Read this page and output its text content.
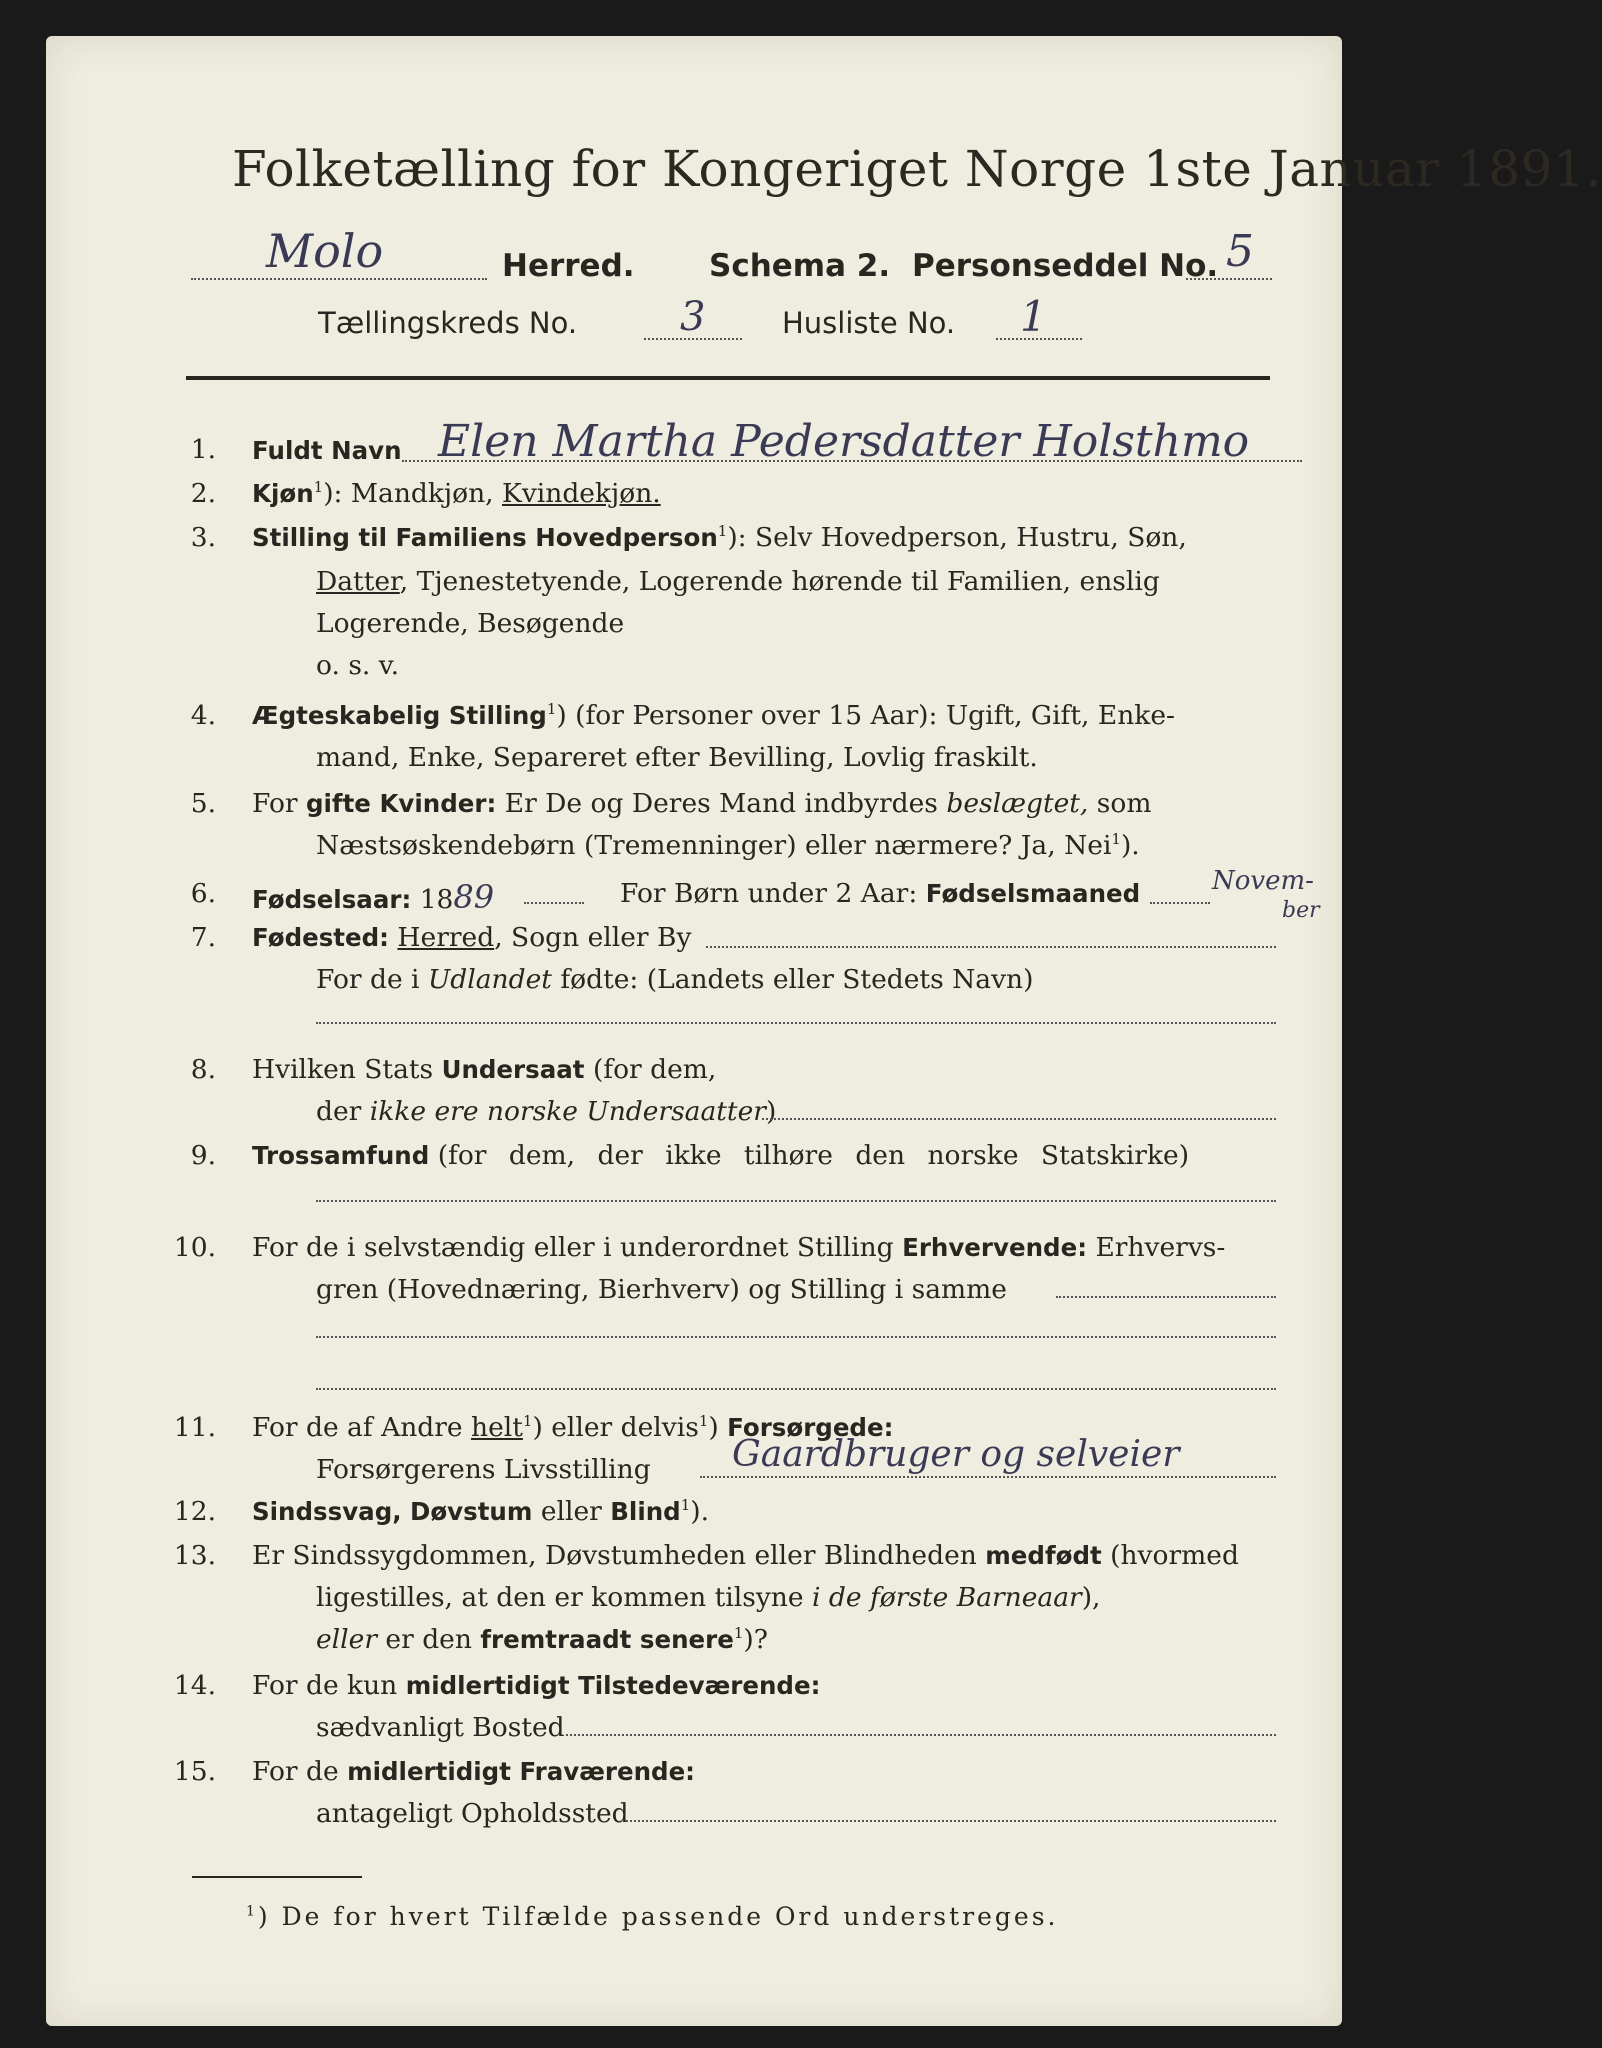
Folketælling for Kongeriget Norge 1ste Januar 1891.
Molo	Herred. Schema 2. Personseddel No. 5
Tællingskreds No.	3	Husliste No. 1
1. Fuldt Navn Elen Martha Pedersdatter Holsthmo
2. Kjøn$^1$): Mandkjøn, Kvindekjøn.
3. Stilling til Familiens Hovedperson$^1$): Selv Hovedperson, Hustru, Søn,
Datter, Tjenestetyende, Logerende hørende til Familien, enslig
Logerende, Besøgende
o. s. v.
4. Ægteskabelig Stilling$^1$) (for Personer over 15 Aar): Ugift, Gift, Enke-
mand, Enke, Separeret efter Bevilling, Lovlig fraskilt.
5. For gifte Kvinder: Er De og Deres Mand indbyrdes beslægtet, som
Næstsøskendebørn (Tremenninger) eller nærmere? Ja, Nei$^1$).
6. Fødselsaar: 1889	For Børn under 2 Aar: Fødselsmaaned	Novem-
ber
7. Fødested: Herred, Sogn eller By
For de i Udlandet fødte: (Landets eller Stedets Navn)
8. Hvilken Stats Undersaat (for dem,
der ikke ere norske Undersaatter)
9. Trossamfund (for dem, der ikke tilhøre den norske Statskirke)
10. For de i selvstændig eller i underordnet Stilling Erhvervende: Erhvervs-
gren (Hovednæring, Bierhverv) og Stilling i samme
11. For de af Andre helt$^1$) eller delvis$^1$) Forsørgede:
Forsørgerens Livsstilling Gaardbruger og selveier
12. Sindssvag, Døvstum eller Blind$^1$).
13. Er Sindssygdommen, Døvstumheden eller Blindheden medfødt (hvormed
ligestilles, at den er kommen tilsyne i de første Barneaar),
eller er den fremtraadt senere$^1$)?
14. For de kun midlertidigt Tilstedeværende:
sædvanligt Bosted
15. For de midlertidigt Fraværende:
antageligt Opholdssted
$^1$) De for hvert Tilfælde passende Ord understreges.
